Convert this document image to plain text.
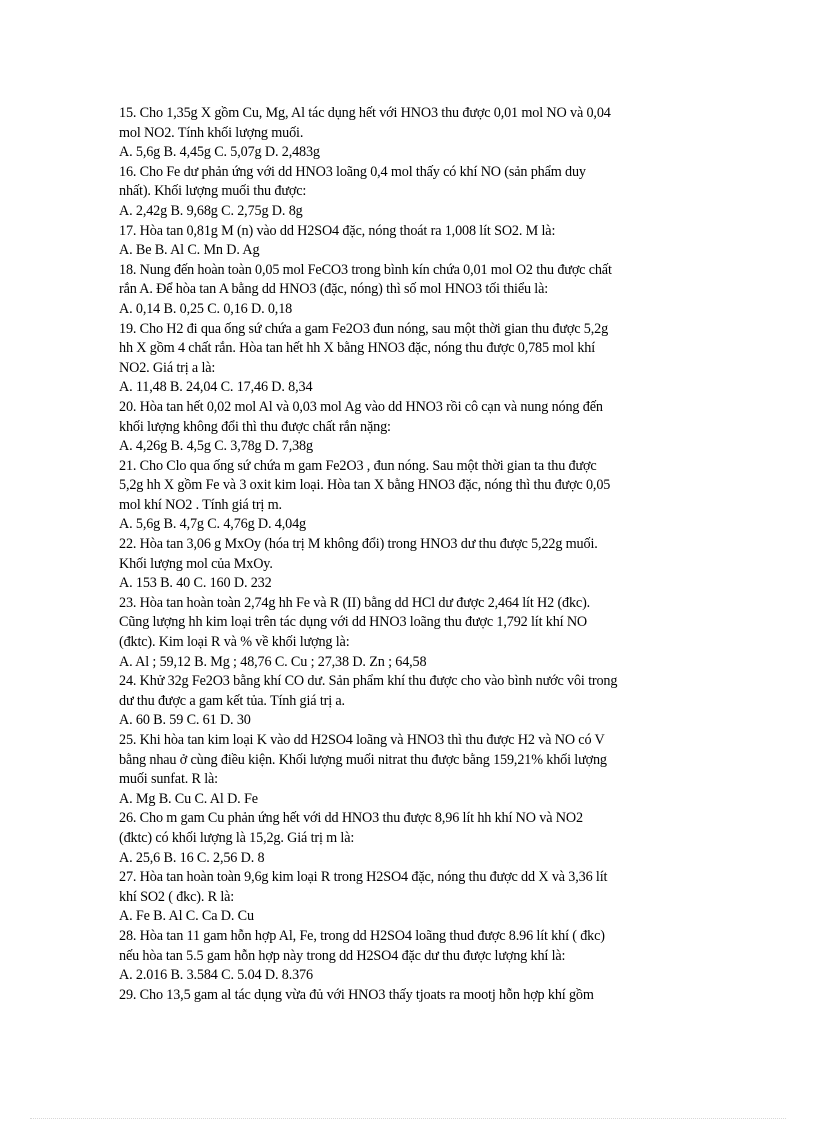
15. Cho 1,35g X gồm Cu, Mg, Al tác dụng hết với HNO3 thu được 0,01 mol NO và 0,04
mol NO2. Tính khối lượng muối.
A. 5,6g B. 4,45g C. 5,07g D. 2,483g
16. Cho Fe dư phản ứng với dd HNO3 loãng 0,4 mol thấy có khí NO (sản phẩm duy
nhất). Khối lượng muối thu được:
A. 2,42g B. 9,68g C. 2,75g D. 8g
17. Hòa tan 0,81g M (n) vào dd H2SO4 đặc, nóng thoát ra 1,008 lít SO2. M là:
A. Be B. Al C. Mn D. Ag
18. Nung đến hoàn toàn 0,05 mol FeCO3 trong bình kín chứa 0,01 mol O2 thu được chất
rắn A. Để hòa tan A bằng dd HNO3 (đặc, nóng) thì số mol HNO3 tối thiểu là:
A. 0,14 B. 0,25 C. 0,16 D. 0,18
19. Cho H2 đi qua ống sứ chứa a gam Fe2O3 đun nóng, sau một thời gian thu được 5,2g
hh X gồm 4 chất rắn. Hòa tan hết hh X bằng HNO3 đặc, nóng thu được 0,785 mol khí
NO2. Giá trị a là:
A. 11,48 B. 24,04 C. 17,46 D. 8,34
20. Hòa tan hết 0,02 mol Al và 0,03 mol Ag vào dd HNO3 rồi cô cạn và nung nóng đến
khối lượng không đổi thì thu được chất rắn nặng:
A. 4,26g B. 4,5g C. 3,78g D. 7,38g
21. Cho Clo qua ống sứ chứa m gam Fe2O3 , đun nóng. Sau một thời gian ta thu được
5,2g hh X gồm Fe và 3 oxit kim loại. Hòa tan X bằng HNO3 đặc, nóng thì thu được 0,05
mol khí NO2 . Tính giá trị m.
A. 5,6g B. 4,7g C. 4,76g D. 4,04g
22. Hòa tan 3,06 g MxOy (hóa trị M không đổi) trong HNO3 dư thu được 5,22g muối.
Khối lượng mol của MxOy.
A. 153 B. 40 C. 160 D. 232
23. Hòa tan hoàn toàn 2,74g hh Fe và R (II) bằng dd HCl dư được 2,464 lít H2 (đkc).
Cũng lượng hh kim loại trên tác dụng với dd HNO3 loãng thu được 1,792 lít khí NO
(đktc). Kim loại R và % về khối lượng là:
A. Al ; 59,12 B. Mg ; 48,76 C. Cu ; 27,38 D. Zn ; 64,58
24. Khử 32g Fe2O3 bằng khí CO dư. Sản phẩm khí thu được cho vào bình nước vôi trong
dư thu được a gam kết tủa. Tính giá trị a.
A. 60 B. 59 C. 61 D. 30
25. Khi hòa tan kim loại K vào dd H2SO4 loãng và HNO3 thì thu được H2 và NO có V
bằng nhau ở cùng điều kiện. Khối lượng muối nitrat thu được bằng 159,21% khối lượng
muối sunfat. R là:
A. Mg B. Cu C. Al D. Fe
26. Cho m gam Cu phản ứng hết với dd HNO3 thu được 8,96 lít hh khí NO và NO2
(đktc) có khối lượng là 15,2g. Giá trị m là:
A. 25,6 B. 16 C. 2,56 D. 8
27. Hòa tan hoàn toàn 9,6g kim loại R trong H2SO4 đặc, nóng thu được dd X và 3,36 lít
khí SO2 ( đkc). R là:
A. Fe B. Al C. Ca D. Cu
28. Hòa tan 11 gam hỗn hợp Al, Fe, trong dd H2SO4 loãng thud được 8.96 lít khí ( đkc)
nếu hòa tan 5.5 gam hỗn hợp này trong dd H2SO4 đặc dư thu được lượng khí là:
A. 2.016 B. 3.584 C. 5.04 D. 8.376
29. Cho 13,5 gam al tác dụng vừa đủ với HNO3 thấy tjoats ra mootj hỗn hợp khí gồm
